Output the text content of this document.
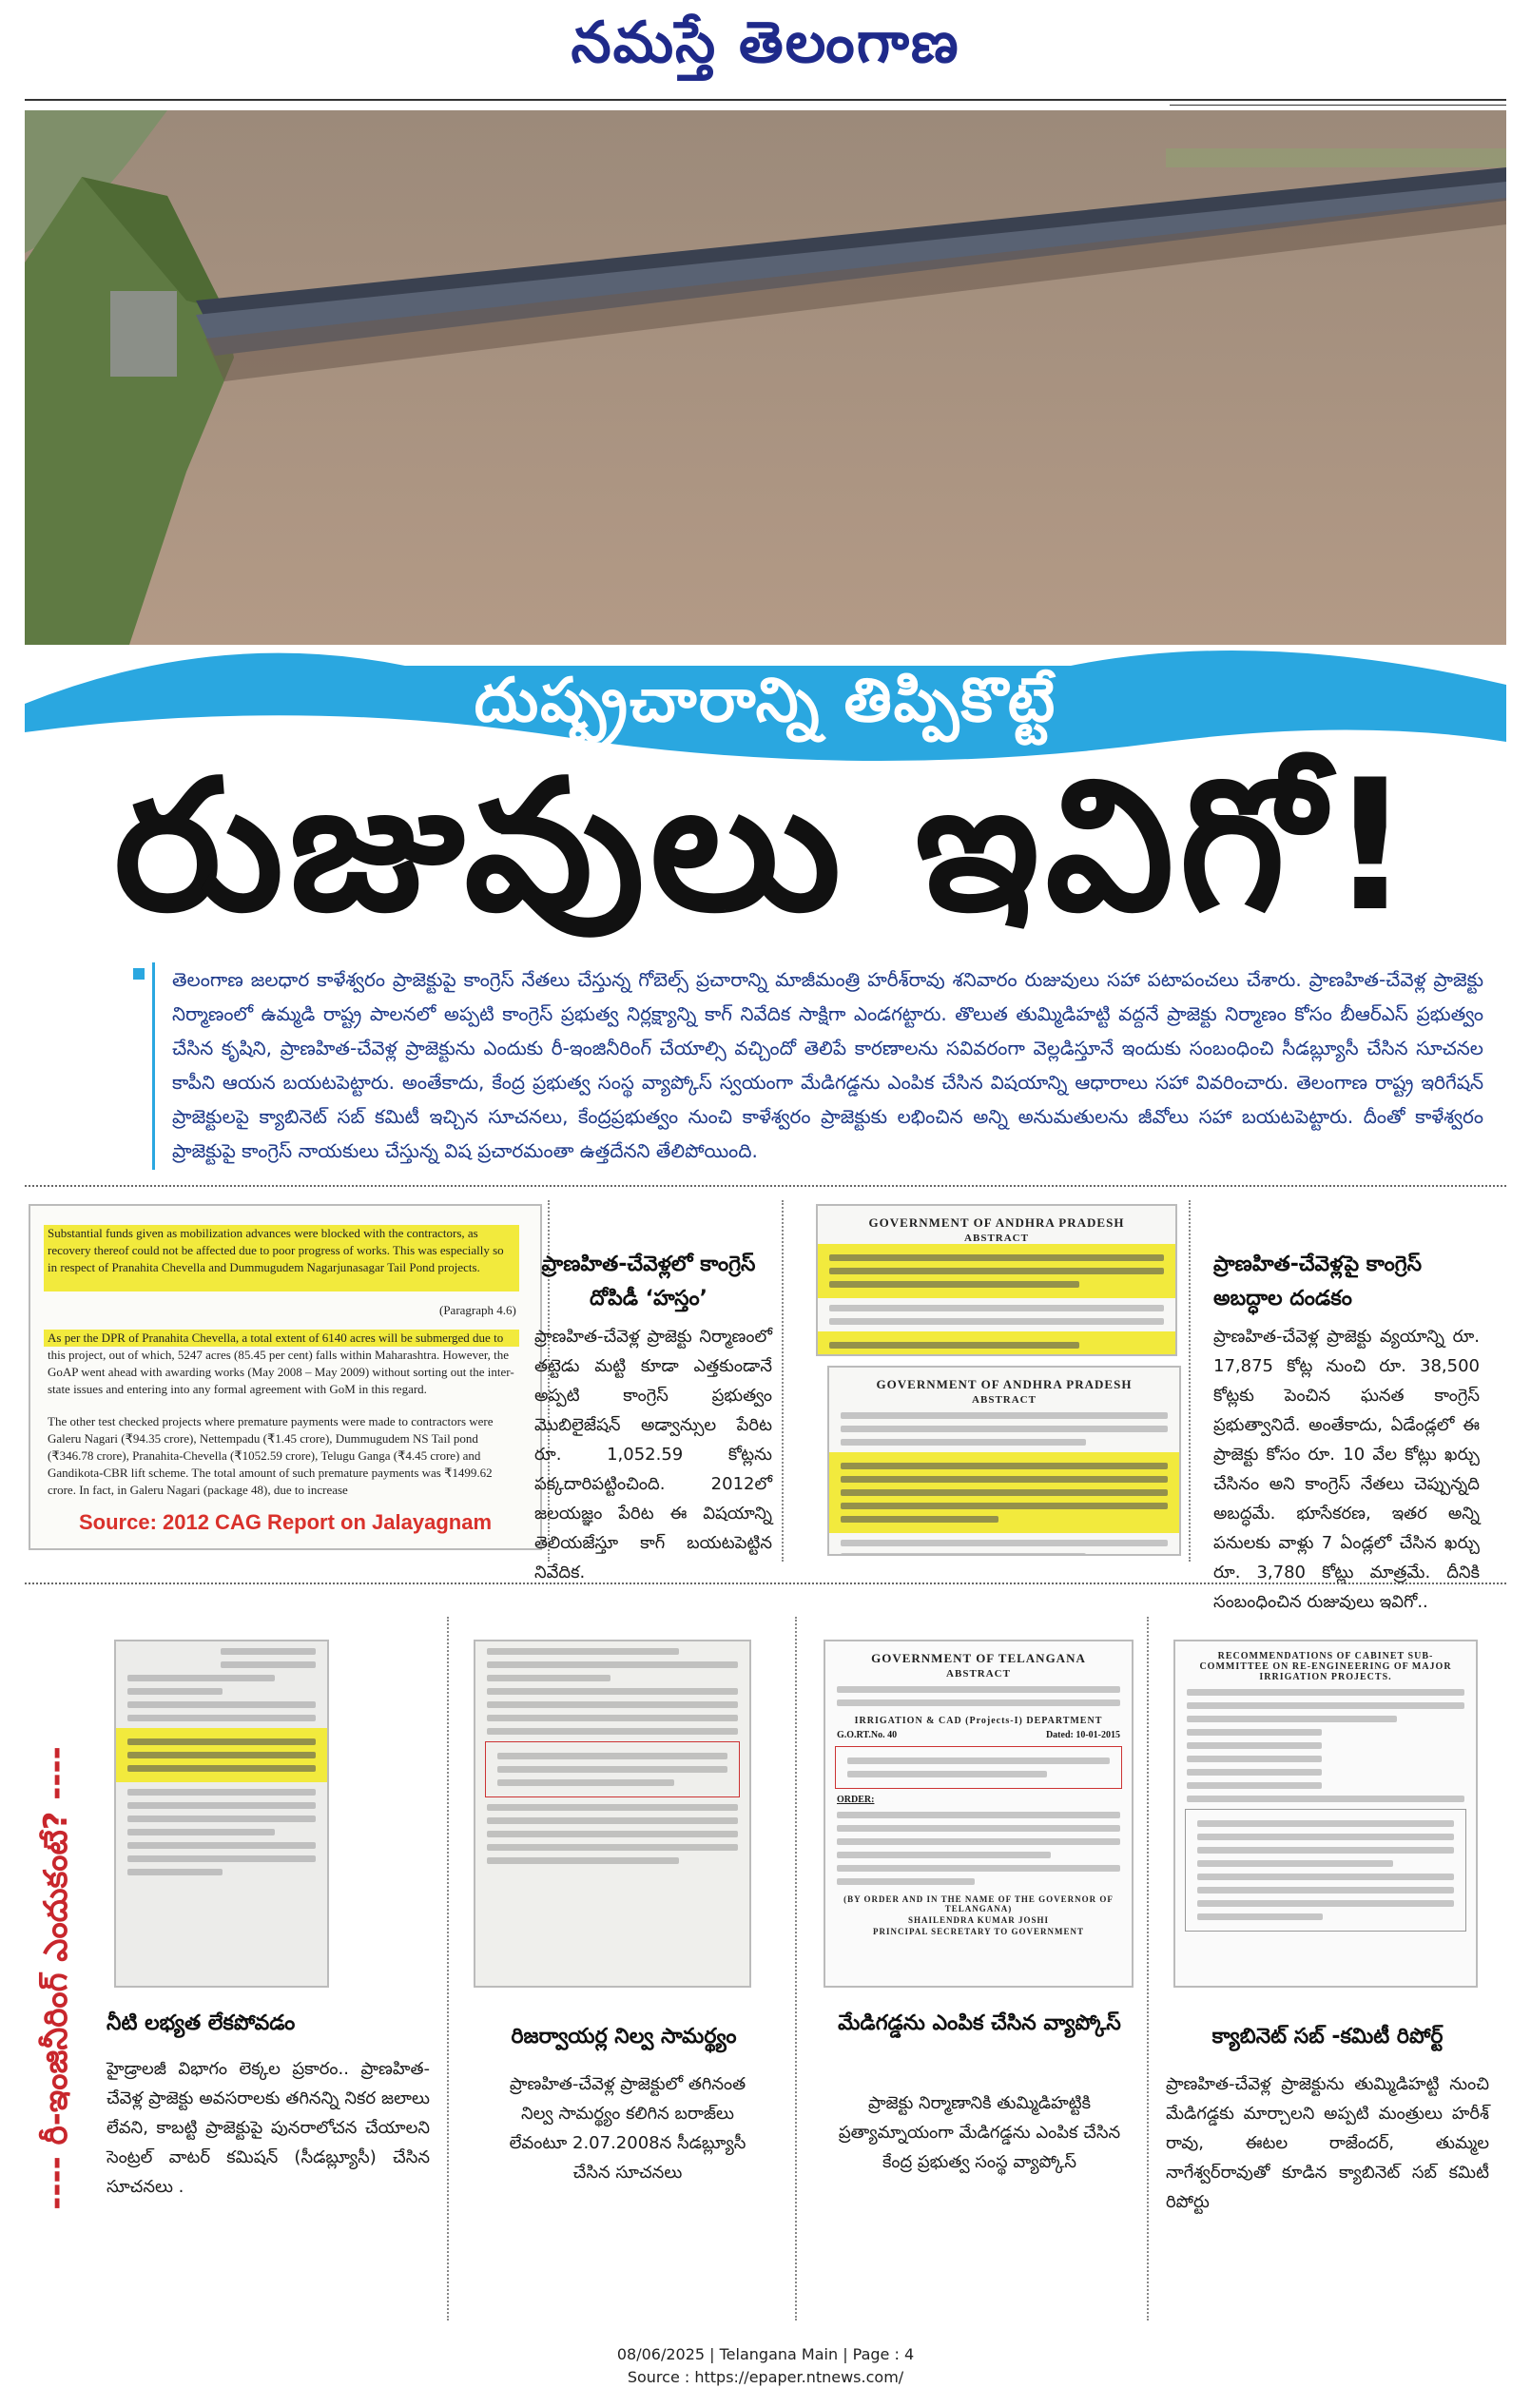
నమస్తే తెలంగాణ
దుష్ప్రచారాన్ని తిప్పికొట్టే
రుజువులు ఇవిగో!
తెలంగాణ జలధార కాళేశ్వరం ప్రాజెక్టుపై కాంగ్రెస్ నేతలు చేస్తున్న గోబెల్స్ ప్రచారాన్ని మాజీమంత్రి హరీశ్‌రావు శనివారం రుజువులు సహా పటాపంచలు చేశారు. ప్రాణహిత-చేవెళ్ల ప్రాజెక్టు నిర్మాణంలో ఉమ్మడి రాష్ట్ర పాలనలో అప్పటి కాంగ్రెస్ ప్రభుత్వ నిర్లక్ష్యాన్ని కాగ్ నివేదిక సాక్షిగా ఎండగట్టారు. తొలుత తుమ్మిడిహట్టి వద్దనే ప్రాజెక్టు నిర్మాణం కోసం బీఆర్‌ఎస్ ప్రభుత్వం చేసిన కృషిని, ప్రాణహిత-చేవెళ్ల ప్రాజెక్టును ఎందుకు రీ-ఇంజినీరింగ్ చేయాల్సి వచ్చిందో తెలిపే కారణాలను సవివరంగా వెల్లడిస్తూనే ఇందుకు సంబంధించి సీడబ్ల్యూసీ చేసిన సూచనల కాపీని ఆయన బయటపెట్టారు. అంతేకాదు, కేంద్ర ప్రభుత్వ సంస్థ వ్యాప్కోస్ స్వయంగా మేడిగడ్డను ఎంపిక చేసిన విషయాన్ని ఆధారాలు సహా వివరించారు. తెలంగాణ రాష్ట్ర ఇరిగేషన్ ప్రాజెక్టులపై క్యాబినెట్ సబ్ కమిటీ ఇచ్చిన సూచనలు, కేంద్రప్రభుత్వం నుంచి కాళేశ్వరం ప్రాజెక్టుకు లభించిన అన్ని అనుమతులను జీవోలు సహా బయటపెట్టారు. దీంతో కాళేశ్వరం ప్రాజెక్టుపై కాంగ్రెస్ నాయకులు చేస్తున్న విష ప్రచారమంతా ఉత్తదేనని తేలిపోయింది.
Substantial funds given as mobilization advances were blocked with the contractors, as recovery thereof could not be affected due to poor progress of works. This was especially so in respect of Pranahita Chevella and Dummugudem Nagarjunasagar Tail Pond projects.
(Paragraph 4.6)
As per the DPR of Pranahita Chevella, a total extent of 6140 acres will be submerged due to this project, out of which, 5247 acres (85.45 per cent) falls within Maharashtra. However, the GoAP went ahead with awarding works (May 2008 – May 2009) without sorting out the inter-state issues and entering into any formal agreement with GoM in this regard.
The other test checked projects where premature payments were made to contractors were Galeru Nagari (₹94.35 crore), Nettempadu (₹1.45 crore), Dummugudem NS Tail pond (₹346.78 crore), Pranahita-Chevella (₹1052.59 crore), Telugu Ganga (₹4.45 crore) and Gandikota-CBR lift scheme. The total amount of such premature payments was ₹1499.62 crore. In fact, in Galeru Nagari (package 48), due to increase
Source: 2012 CAG Report on Jalayagnam
ప్రాణహిత-చేవెళ్లలో కాంగ్రెస్ దోపిడీ ‘హస్తం’
ప్రాణహిత-చేవెళ్ల ప్రాజెక్టు నిర్మాణంలో తట్టెడు మట్టి కూడా ఎత్తకుండానే అప్పటి కాంగ్రెస్ ప్రభుత్వం మొబిలైజేషన్ అడ్వాన్సుల పేరిట రూ. 1,052.59 కోట్లను పక్కదారిపట్టించింది. 2012లో జలయజ్ఞం పేరిట ఈ విషయాన్ని తెలియజేస్తూ కాగ్ బయటపెట్టిన నివేదిక.
GOVERNMENT OF ANDHRA PRADESH
ABSTRACT
GOVERNMENT OF ANDHRA PRADESH
ABSTRACT
ప్రాణహిత-చేవెళ్లపై కాంగ్రెస్ అబద్ధాల దండకం
ప్రాణహిత-చేవెళ్ల ప్రాజెక్టు వ్యయాన్ని రూ. 17,875 కోట్ల నుంచి రూ. 38,500 కోట్లకు పెంచిన ఘనత కాంగ్రెస్ ప్రభుత్వానిదే. అంతేకాదు, ఏడేండ్లలో ఈ ప్రాజెక్టు కోసం రూ. 10 వేల కోట్లు ఖర్చు చేసినం అని కాంగ్రెస్ నేతలు చెప్పున్నది అబద్ధమే. భూసేకరణ, ఇతర అన్ని పనులకు వాళ్లు 7 ఏండ్లలో చేసిన ఖర్చు రూ. 3,780 కోట్లు మాత్రమే. దీనికి సంబంధించిన రుజువులు ఇవిగో..
---- రీ-ఇంజినీరింగ్ ఎందుకంటే? ----
GOVERNMENT OF TELANGANA
ABSTRACT
IRRIGATION & CAD (Projects-I) DEPARTMENT
G.O.RT.No. 40	Dated: 10-01-2015
ORDER:
(BY ORDER AND IN THE NAME OF THE GOVERNOR OF TELANGANA)
SHAILENDRA KUMAR JOSHI
PRINCIPAL SECRETARY TO GOVERNMENT
RECOMMENDATIONS OF CABINET SUB-COMMITTEE ON RE-ENGINEERING OF MAJOR IRRIGATION PROJECTS.
నీటి లభ్యత లేకపోవడం
హైడ్రాలజీ విభాగం లెక్కల ప్రకారం.. ప్రాణహిత-చేవెళ్ల ప్రాజెక్టు అవసరాలకు తగినన్ని నికర జలాలు లేవని, కాబట్టి ప్రాజెక్టుపై పునరాలోచన చేయాలని సెంట్రల్ వాటర్ కమిషన్ (సీడబ్ల్యూసీ) చేసిన సూచనలు .
రిజర్వాయర్ల నిల్వ సామర్థ్యం
ప్రాణహిత-చేవెళ్ల ప్రాజెక్టులో తగినంత నిల్వ సామర్థ్యం కలిగిన బరాజ్‌లు లేవంటూ 2.07.2008న సీడబ్ల్యూసీ చేసిన సూచనలు
మేడిగడ్డను ఎంపిక చేసిన వ్యాప్కోస్
ప్రాజెక్టు నిర్మాణానికి తుమ్మిడిహట్టికి ప్రత్యామ్నాయంగా మేడిగడ్డను ఎంపిక చేసిన కేంద్ర ప్రభుత్వ సంస్థ వ్యాప్కోస్
క్యాబినెట్ సబ్ -కమిటీ రిపోర్ట్
ప్రాణహిత-చేవెళ్ల ప్రాజెక్టును తుమ్మిడిహట్టి నుంచి మేడిగడ్డకు మార్చాలని అప్పటి మంత్రులు హరీశ్ రావు, ఈటల రాజేందర్, తుమ్మల నాగేశ్వర్‌రావుతో కూడిన క్యాబినెట్ సబ్ కమిటీ రిపోర్టు
08/06/2025 | Telangana Main | Page : 4
Source : https://epaper.ntnews.com/
